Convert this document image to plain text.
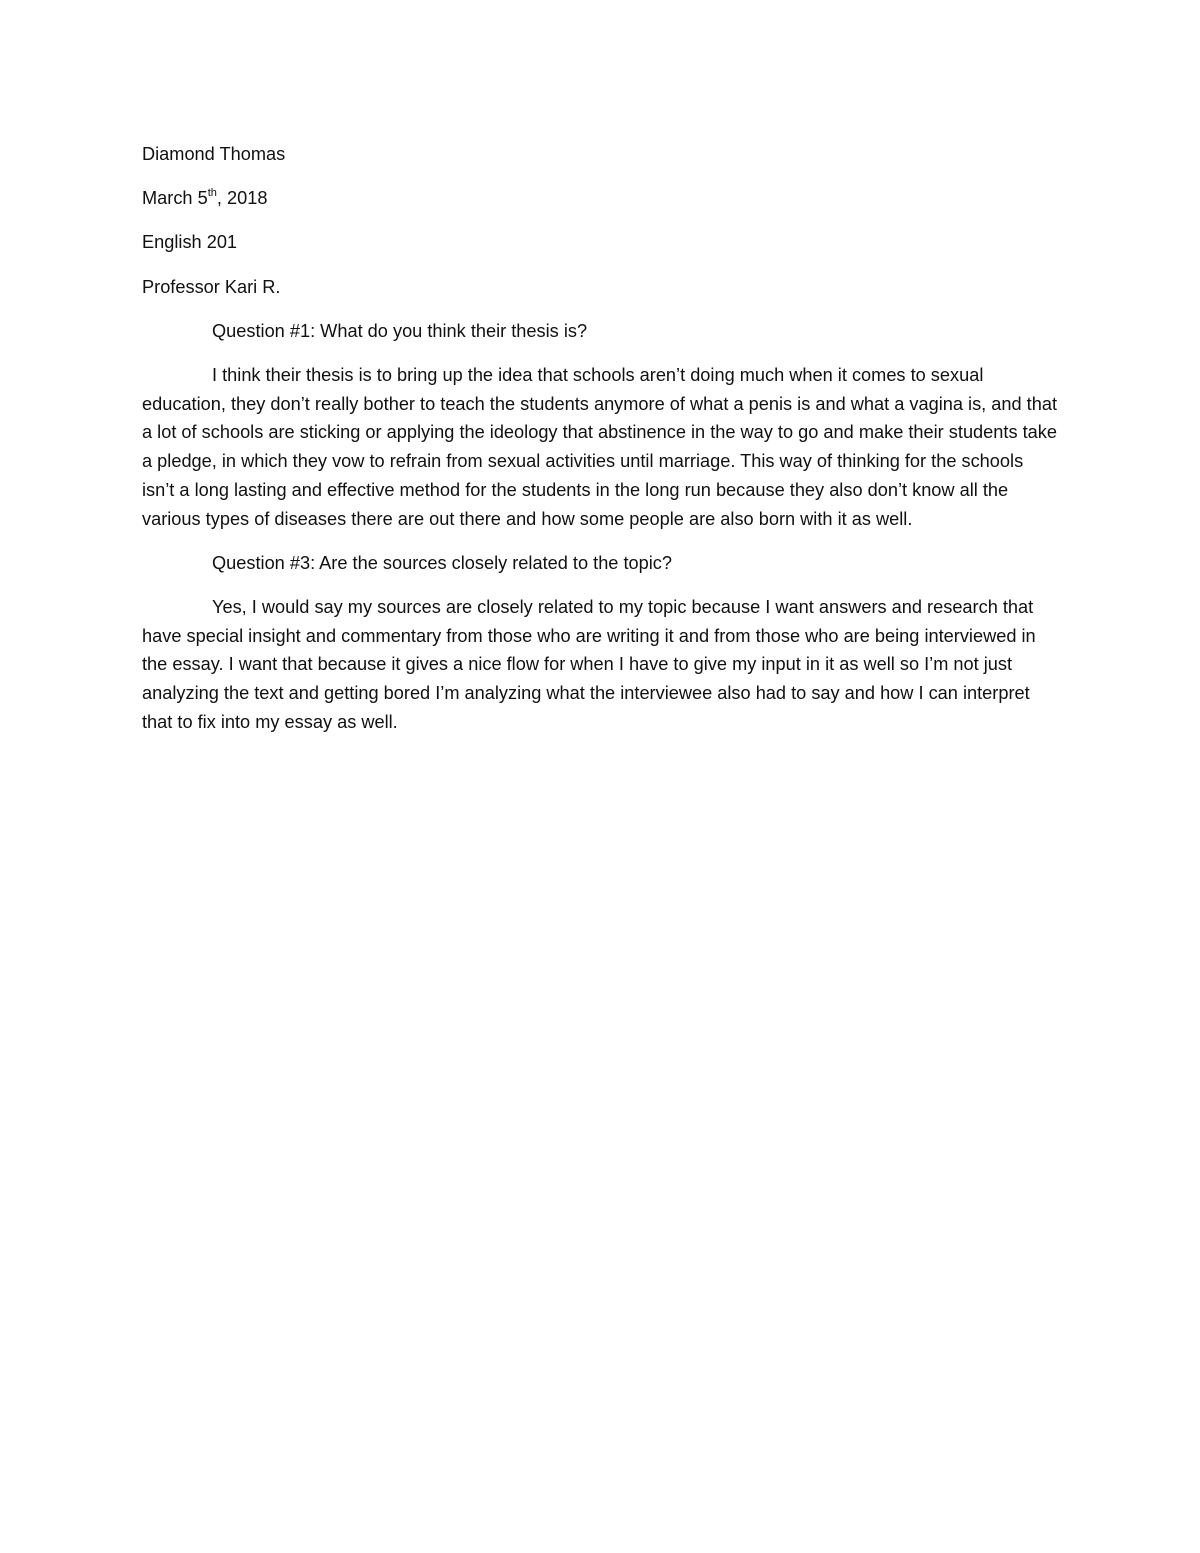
Diamond Thomas

March 5th, 2018

English 201

Professor Kari R.

Question #1: What do you think their thesis is?

I think their thesis is to bring up the idea that schools aren’t doing much when it comes to sexual education, they don’t really bother to teach the students anymore of what a penis is and what a vagina is, and that a lot of schools are sticking or applying the ideology that abstinence in the way to go and make their students take a pledge, in which they vow to refrain from sexual activities until marriage. This way of thinking for the schools isn’t a long lasting and effective method for the students in the long run because they also don’t know all the various types of diseases there are out there and how some people are also born with it as well.

Question #3: Are the sources closely related to the topic?

Yes, I would say my sources are closely related to my topic because I want answers and research that have special insight and commentary from those who are writing it and from those who are being interviewed in the essay. I want that because it gives a nice flow for when I have to give my input in it as well so I’m not just analyzing the text and getting bored I’m analyzing what the interviewee also had to say and how I can interpret that to fix into my essay as well.
